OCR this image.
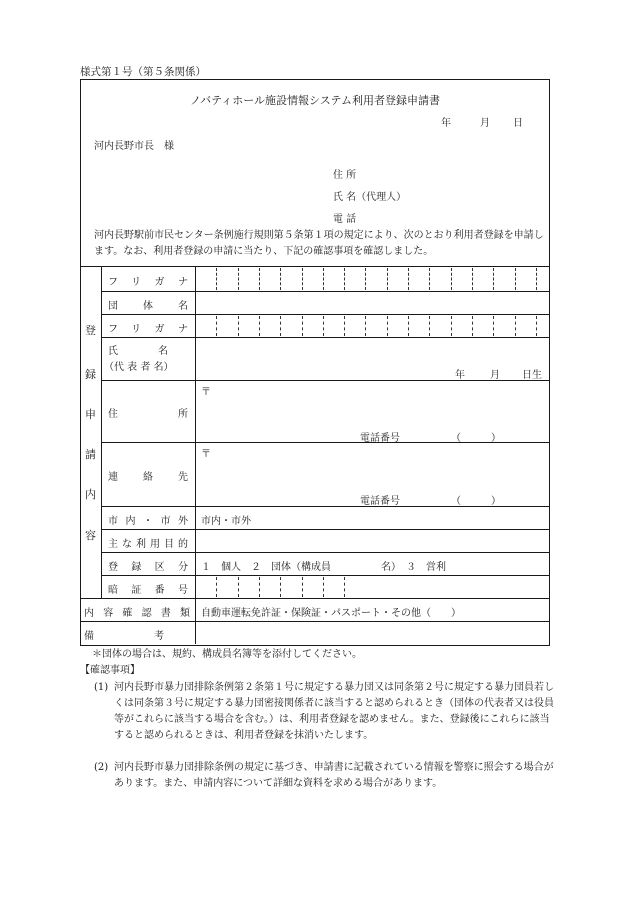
様式第１号（第５条関係）
ノバティホール施設情報システム利用者登録申請書
年	月 日
河内長野市長　様
住 所
氏 名（代理人）
電 話
河内長野駅前市民センター条例施行規則第５条第１項の規定により、次のとおり利用者登録を申請します。なお、利用者登録の申請に当たり、下記の確認事項を確認しました。
登
録
申
請
内
容
フリガナ
団体名
フリガナ
氏　　　　名
（代 表 者 名）
年	月 日生
住所
〒
電話番号	（　　　）
連絡先
〒
電話番号	（　　　）
市内・市外 市内・市外
主な利用目的
登録区分 １　個人　２　団体（構成員　　　　　名）　３　営利
暗証番号
内容確認書類 自動車運転免許証・保険証・パスポート・その他（　　）
備　　　　　　考
＊団体の場合は、規約、構成員名簿等を添付してください。
【確認事項】
(1) 河内長野市暴力団排除条例第２条第１号に規定する暴力団又は同条第２号に規定する暴力団員若しくは同条第３号に規定する暴力団密接関係者に該当すると認められるとき（団体の代表者又は役員等がこれらに該当する場合を含む。）は、利用者登録を認めません。また、登録後にこれらに該当すると認められるときは、利用者登録を抹消いたします。
(2) 河内長野市暴力団排除条例の規定に基づき、申請書に記載されている情報を警察に照会する場合があります。また、申請内容について詳細な資料を求める場合があります。
